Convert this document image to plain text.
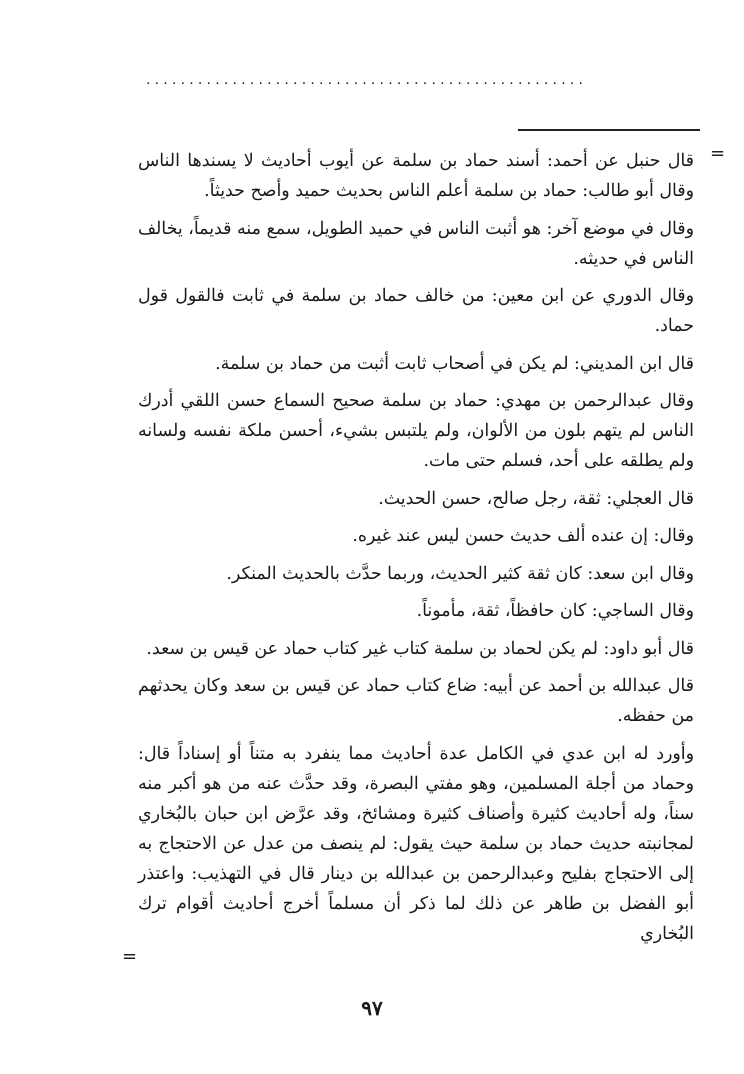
...................................................
=

قال حنبل عن أحمد: أسند حماد بن سلمة عن أيوب أحاديث لا يسندها الناس وقال أبو طالب: حماد بن سلمة أعلم الناس بحديث حميد وأصح حديثاً.

وقال في موضع آخر: هو أثبت الناس في حميد الطويل، سمع منه قديماً، يخالف الناس في حديثه.

وقال الدوري عن ابن معين: من خالف حماد بن سلمة في ثابت فالقول قول حماد.

قال ابن المديني: لم يكن في أصحاب ثابت أثبت من حماد بن سلمة.

وقال عبدالرحمن بن مهدي: حماد بن سلمة صحيح السماع حسن اللقي أدرك الناس لم يتهم بلون من الألوان، ولم يلتبس بشيء، أحسن ملكة نفسه ولسانه ولم يطلقه على أحد، فسلم حتى مات.

قال العجلي: ثقة، رجل صالح، حسن الحديث.

وقال: إن عنده ألف حديث حسن ليس عند غيره.

وقال ابن سعد: كان ثقة كثير الحديث، وربما حدَّث بالحديث المنكر.

وقال الساجي: كان حافظاً، ثقة، مأموناً.

قال أبو داود: لم يكن لحماد بن سلمة كتاب غير كتاب حماد عن قيس بن سعد.

قال عبدالله بن أحمد عن أبيه: ضاع كتاب حماد عن قيس بن سعد وكان يحدثهم من حفظه.

وأورد له ابن عدي في الكامل عدة أحاديث مما ينفرد به متناً أو إسناداً قال: وحماد من أجلة المسلمين، وهو مفتي البصرة، وقد حدَّث عنه من هو أكبر منه سناً، وله أحاديث كثيرة وأصناف كثيرة ومشائخ، وقد عرَّض ابن حبان بالبُخاري لمجانبته حديث حماد بن سلمة حيث يقول: لم ينصف من عدل عن الاحتجاج به إلى الاحتجاج بفليح وعبدالرحمن بن عبدالله بن دينار قال في التهذيب: واعتذر أبو الفضل بن طاهر عن ذلك لما ذكر أن مسلماً أخرج أحاديث أقوام ترك البُخاري

=
٩٧
